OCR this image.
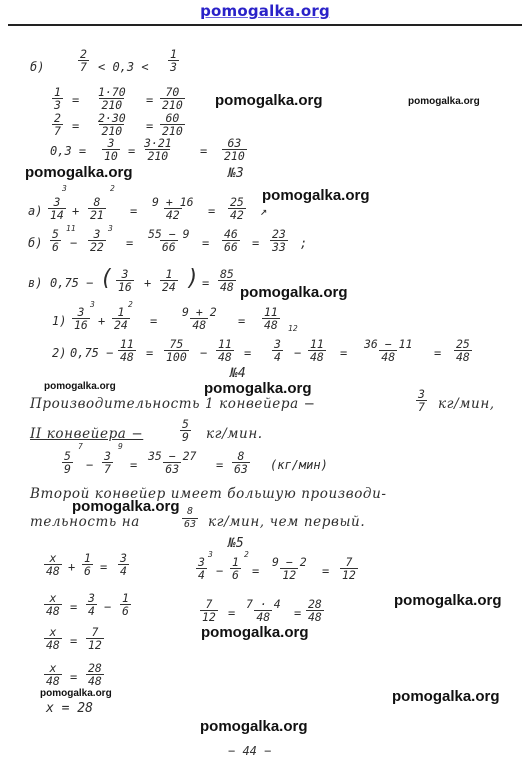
pomogalka.org
б)	$\frac{2}{7} < 0,3 < \frac{1}{3}$
$\frac{1}{3} = \frac{1\cdot 70}{210} = \frac{70}{210}$
$\frac{2}{7} = \frac{2\cdot 30}{210} = \frac{60}{210}$
$0,3 = \frac{3}{10} = \frac{3\cdot 21}{210} = \frac{63}{210}$
pomogalka.org	pomogalka.org
pomogalka.org	№3
pomogalka.org
а)
3
$\frac{3}{14}$ +
2
$\frac{8}{21} = \frac{9 + 16}{42} = \frac{25}{42}$ ↗
б)
11
$\frac{5}{6}$ −
3
$\frac{3}{22} = \frac{55 - 9}{66} = \frac{46}{66} = \frac{23}{33}$ ;
в) 0,75 − ( $\frac{3}{16} + \frac{1}{24}$ ) = $\frac{85}{48}$ pomogalka.org
1)
3
$\frac{3}{16}$ +
2
$\frac{1}{24} = \frac{9 + 2}{48} = \frac{11}{48}$
2) $0,75 - \frac{11}{48} = \frac{75}{100} - \frac{11}{48}$ =
12
$\frac{3}{4} - \frac{11}{48} = \frac{36 - 11}{48} = \frac{25}{48}$
pomogalka.org
№4
pomogalka.org
Производительность 1 конвейера −	$\frac{3}{7} кг/мин$,
II конвейера −	$\frac{5}{9} кг/мин$.
7
$\frac{5}{9}$ −
9
$\frac{3}{7} = \frac{35 - 27}{63} = \frac{8}{63} (кг/мин)$
Второй конвейер имеет большую производи-
тельность на	$\frac{8}{63} кг/мин$, чем первый.
pomogalka.org
№5
$\frac{x}{48} + \frac{1}{6} = \frac{3}{4}$
$\frac{x}{48} = \frac{3}{4} - \frac{1}{6}$
$\frac{x}{48} = \frac{7}{12}$
$\frac{x}{48} = \frac{28}{48}$
pomogalka.org
x = 28
3
$\frac{3}{4}$ −
2
$\frac{1}{6} = \frac{9 - 2}{12} = \frac{7}{12}$
$\frac{7}{12} = \frac{7 \cdot 4}{48} = \frac{28}{48}$	pomogalka.org
pomogalka.org
pomogalka.org
pomogalka.org
− 44 −
